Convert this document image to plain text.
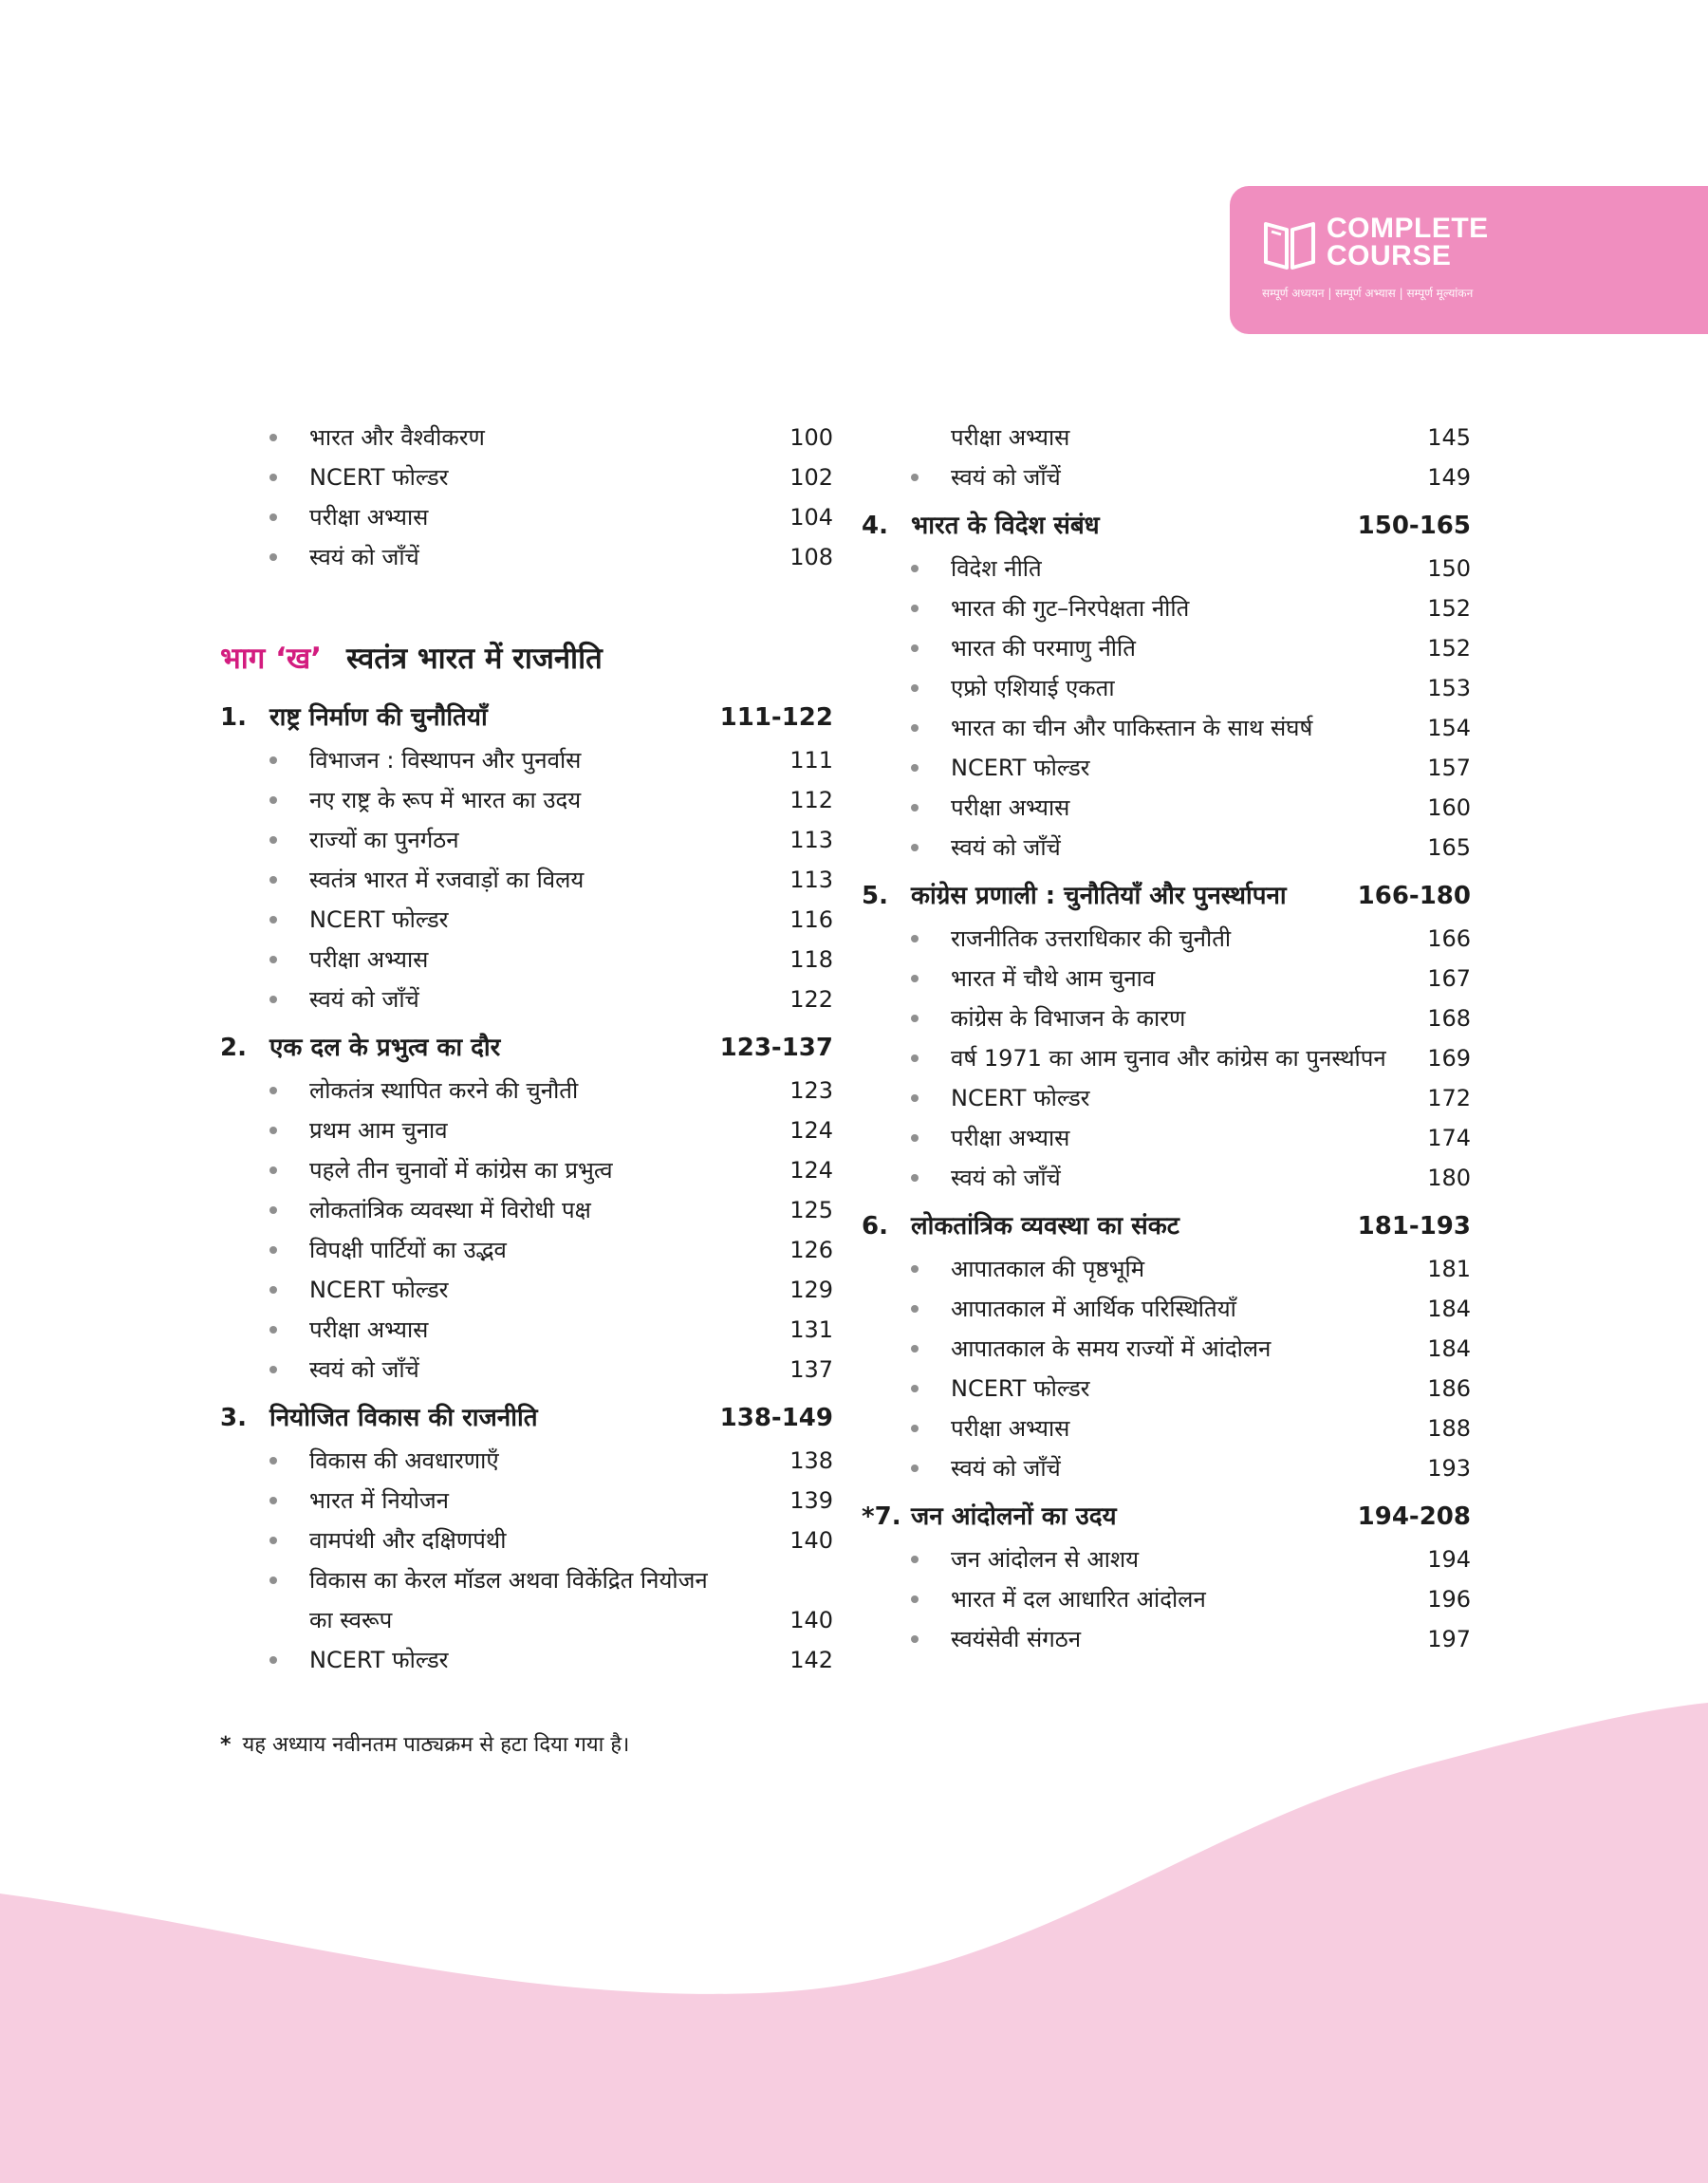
COMPLETE
COURSE
सम्पूर्ण अध्ययन | सम्पूर्ण अभ्यास | सम्पूर्ण मूल्यांकन
भारत और वैश्वीकरण	100
NCERT फोल्डर	102
परीक्षा अभ्यास	104
स्वयं को जाँचें	108
भाग ‘ख’ स्वतंत्र भारत में राजनीति
1. राष्ट्र निर्माण की चुनौतियाँ	111-122
विभाजन : विस्थापन और पुनर्वास	111
नए राष्ट्र के रूप में भारत का उदय	112
राज्यों का पुनर्गठन	113
स्वतंत्र भारत में रजवाड़ों का विलय	113
NCERT फोल्डर	116
परीक्षा अभ्यास	118
स्वयं को जाँचें	122
2. एक दल के प्रभुत्व का दौर	123-137
लोकतंत्र स्थापित करने की चुनौती	123
प्रथम आम चुनाव	124
पहले तीन चुनावों में कांग्रेस का प्रभुत्व	124
लोकतांत्रिक व्यवस्था में विरोधी पक्ष	125
विपक्षी पार्टियों का उद्भव	126
NCERT फोल्डर	129
परीक्षा अभ्यास	131
स्वयं को जाँचें	137
3. नियोजित विकास की राजनीति	138-149
विकास की अवधारणाएँ	138
भारत में नियोजन	139
वामपंथी और दक्षिणपंथी	140
विकास का केरल मॉडल अथवा विकेंद्रित नियोजन
का स्वरूप	140
NCERT फोल्डर	142
परीक्षा अभ्यास	145
स्वयं को जाँचें	149
4. भारत के विदेश संबंध	150-165
विदेश नीति	150
भारत की गुट–निरपेक्षता नीति	152
भारत की परमाणु नीति	152
एफ्रो एशियाई एकता	153
भारत का चीन और पाकिस्तान के साथ संघर्ष	154
NCERT फोल्डर	157
परीक्षा अभ्यास	160
स्वयं को जाँचें	165
5. कांग्रेस प्रणाली : चुनौतियाँ और पुनर्स्थापना	166-180
राजनीतिक उत्तराधिकार की चुनौती	166
भारत में चौथे आम चुनाव	167
कांग्रेस के विभाजन के कारण	168
वर्ष 1971 का आम चुनाव और कांग्रेस का पुनर्स्थापन 169
NCERT फोल्डर	172
परीक्षा अभ्यास	174
स्वयं को जाँचें	180
6. लोकतांत्रिक व्यवस्था का संकट	181-193
आपातकाल की पृष्ठभूमि	181
आपातकाल में आर्थिक परिस्थितियाँ	184
आपातकाल के समय राज्यों में आंदोलन	184
NCERT फोल्डर	186
परीक्षा अभ्यास	188
स्वयं को जाँचें	193
*7. जन आंदोलनों का उदय	194-208
जन आंदोलन से आशय	194
भारत में दल आधारित आंदोलन	196
स्वयंसेवी संगठन	197
* यह अध्याय नवीनतम पाठ्यक्रम से हटा दिया गया है।
